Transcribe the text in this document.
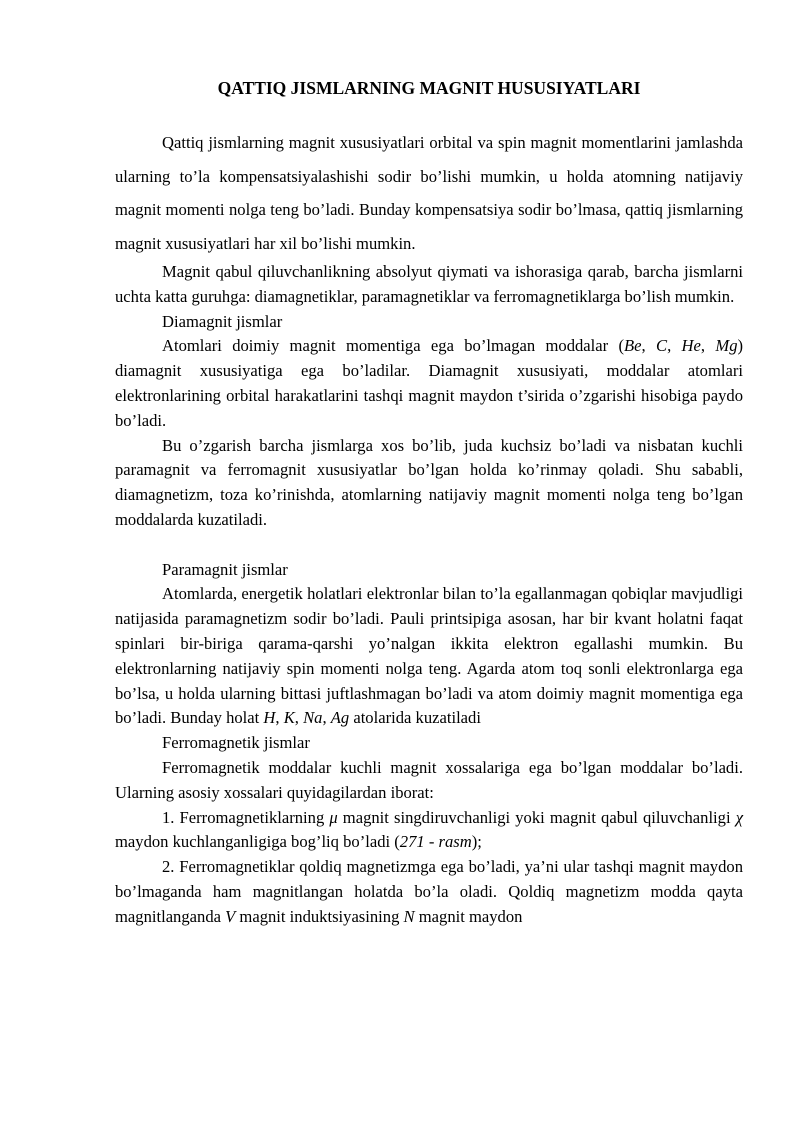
QATTIQ JISMLARNING MAGNIT HUSUSIYATLARI

Qattiq jismlarning magnit xususiyatlari orbital va spin magnit momentlarini jamlashda ularning to’la kompensatsiyalashishi sodir bo’lishi mumkin, u holda atomning natijaviy magnit momenti nolga teng bo’ladi. Bunday kompensatsiya sodir bo’lmasa, qattiq jismlarning magnit xususiyatlari har xil bo’lishi mumkin.

Magnit qabul qiluvchanlikning absolyut qiymati va ishorasiga qarab, barcha jismlarni uchta katta guruhga: diamagnetiklar, paramagnetiklar va ferromagnetiklarga bo’lish mumkin.

Diamagnit jismlar

Atomlari doimiy magnit momentiga ega bo’lmagan moddalar (Be, C, He, Mg) diamagnit xususiyatiga ega bo’ladilar. Diamagnit xususiyati, moddalar atomlari elektronlarining orbital harakatlarini tashqi magnit maydon t’sirida o’zgarishi hisobiga paydo bo’ladi.

Bu o’zgarish barcha jismlarga xos bo’lib, juda kuchsiz bo’ladi va nisbatan kuchli paramagnit va ferromagnit xususiyatlar bo’lgan holda ko’rinmay qoladi. Shu sababli, diamagnetizm, toza ko’rinishda, atomlarning natijaviy magnit momenti nolga teng bo’lgan moddalarda kuzatiladi.

Paramagnit jismlar

Atomlarda, energetik holatlari elektronlar bilan to’la egallanmagan qobiqlar mavjudligi natijasida paramagnetizm sodir bo’ladi. Pauli printsipiga asosan, har bir kvant holatni faqat spinlari bir-biriga qarama-qarshi yo’nalgan ikkita elektron egallashi mumkin. Bu elektronlarning natijaviy spin momenti nolga teng. Agarda atom toq sonli elektronlarga ega bo’lsa, u holda ularning bittasi juftlashmagan bo’ladi va atom doimiy magnit momentiga ega bo’ladi. Bunday holat H, K, Na, Ag atolarida kuzatiladi

Ferromagnetik jismlar

Ferromagnetik moddalar kuchli magnit xossalariga ega bo’lgan moddalar bo’ladi. Ularning asosiy xossalari quyidagilardan iborat:

1. Ferromagnetiklarning μ magnit singdiruvchanligi yoki magnit qabul qiluvchanligi χ maydon kuchlanganligiga bog’liq bo’ladi (271 - rasm);

2. Ferromagnetiklar qoldiq magnetizmga ega bo’ladi, ya’ni ular tashqi magnit maydon bo’lmaganda ham magnitlangan holatda bo’la oladi. Qoldiq magnetizm modda qayta magnitlanganda V magnit induktsiyasining N magnit maydon
